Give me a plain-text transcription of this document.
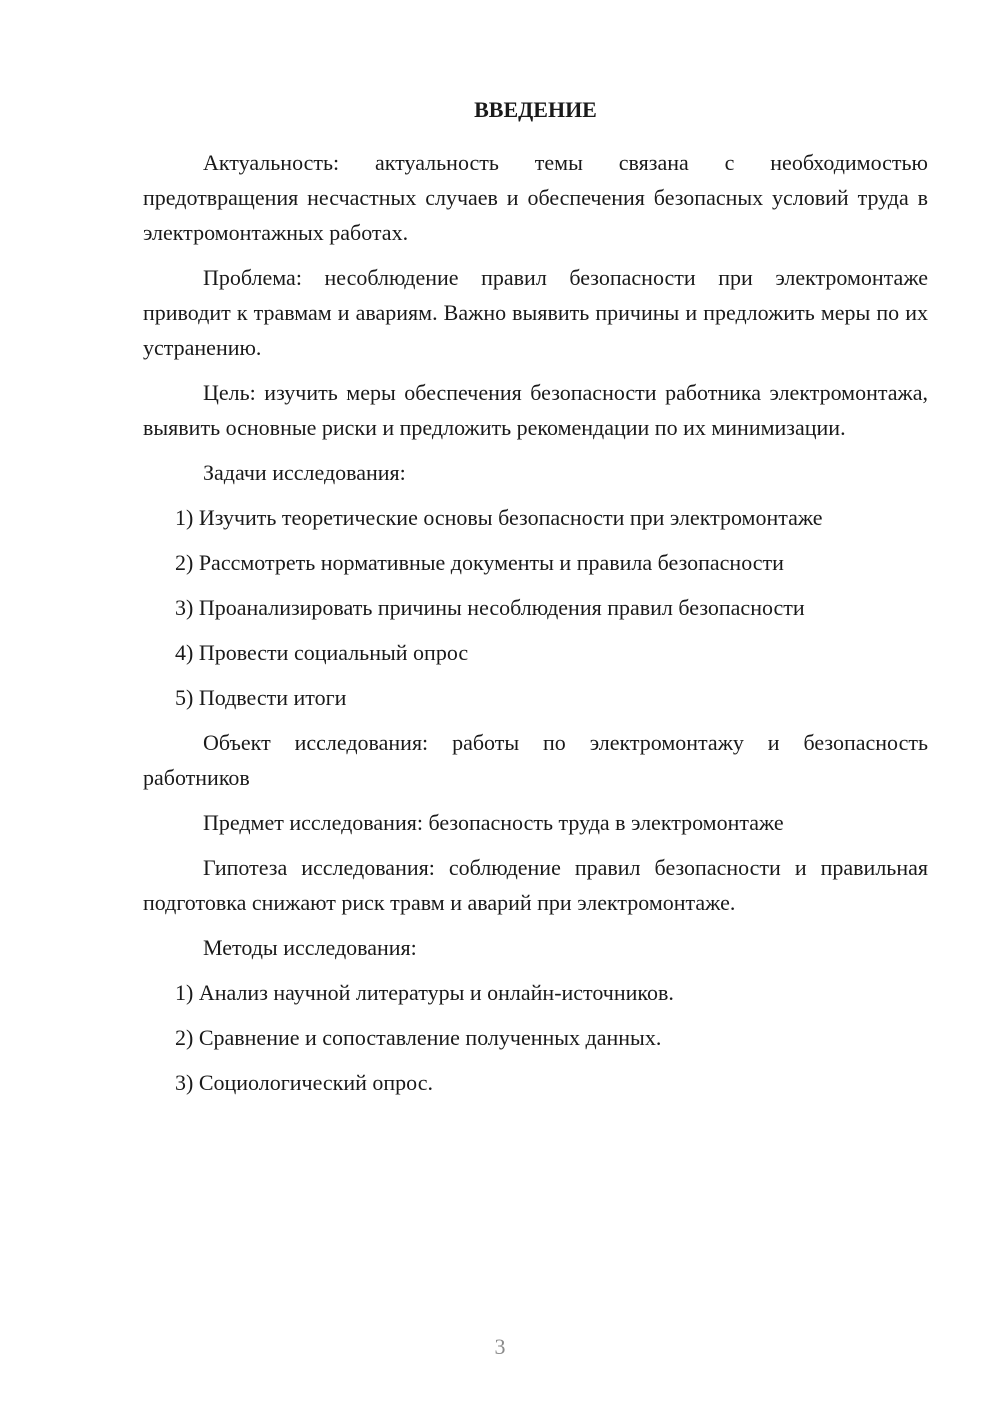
ВВЕДЕНИЕ

Актуальность: актуальность темы связана с необходимостью предотвращения несчастных случаев и обеспечения безопасных условий труда в электромонтажных работах.

Проблема: несоблюдение правил безопасности при электромонтаже приводит к травмам и авариям. Важно выявить причины и предложить меры по их устранению.

Цель: изучить меры обеспечения безопасности работника электромонтажа, выявить основные риски и предложить рекомендации по их минимизации.

Задачи исследования:

1) Изучить теоретические основы безопасности при электромонтаже

2) Рассмотреть нормативные документы и правила безопасности

3) Проанализировать причины несоблюдения правил безопасности

4) Провести социальный опрос

5) Подвести итоги

Объект исследования: работы по электромонтажу и безопасность работников

Предмет исследования: безопасность труда в электромонтаже

Гипотеза исследования: соблюдение правил безопасности и правильная подготовка снижают риск травм и аварий при электромонтаже.

Методы исследования:

1) Анализ научной литературы и онлайн-источников.

2) Сравнение и сопоставление полученных данных.

3) Социологический опрос.

3
